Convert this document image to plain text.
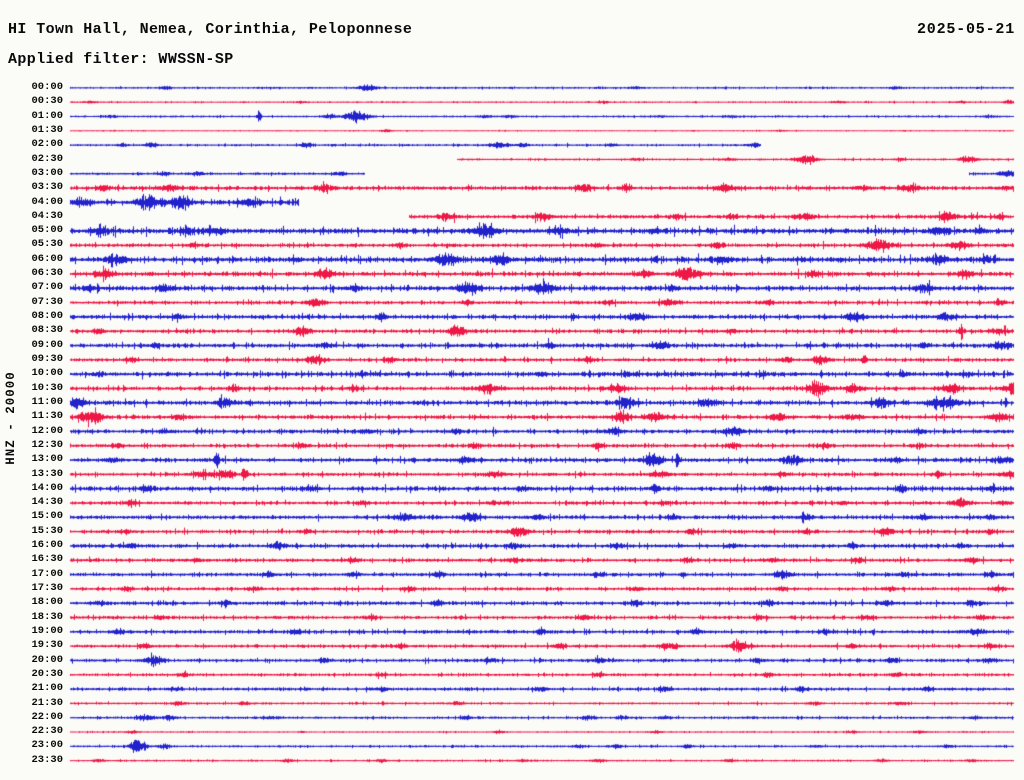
HI Town Hall, Nemea, Corinthia, Peloponnese	2025-05-21
Applied filter: WWSSN-SP
HNZ - 20000
00:00
00:30
01:00
01:30
02:00
02:30
03:00
03:30
04:00
04:30
05:00
05:30
06:00
06:30
07:00
07:30
08:00
08:30
09:00
09:30
10:00
10:30
11:00
11:30
12:00
12:30
13:00
13:30
14:00
14:30
15:00
15:30
16:00
16:30
17:00
17:30
18:00
18:30
19:00
19:30
20:00
20:30
21:00
21:30
22:00
22:30
23:00
23:30
